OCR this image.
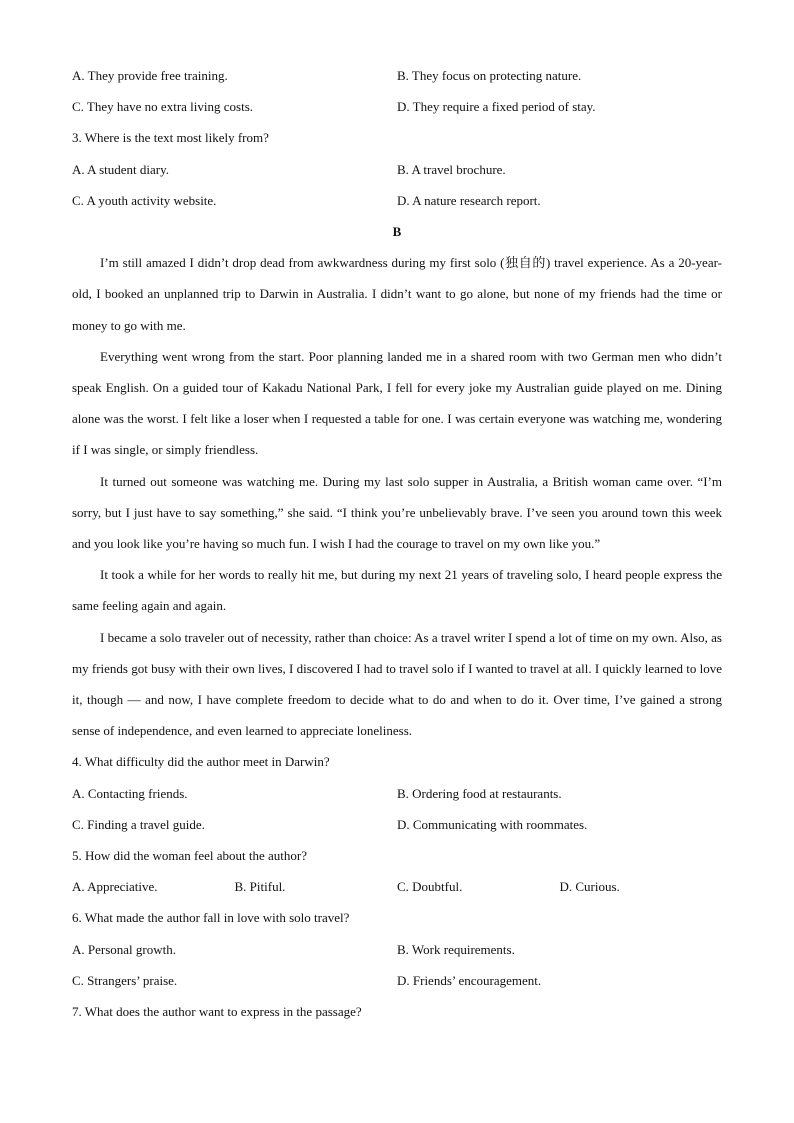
A. They provide free training.	B. They focus on protecting nature.
C. They have no extra living costs.	D. They require a fixed period of stay.
3. Where is the text most likely from?
A. A student diary.	B. A travel brochure.
C. A youth activity website.	D. A nature research report.
B

I’m still amazed I didn’t drop dead from awkwardness during my first solo (独自的) travel experience. As a 20-year-old, I booked an unplanned trip to Darwin in Australia. I didn’t want to go alone, but none of my friends had the time or money to go with me.

Everything went wrong from the start. Poor planning landed me in a shared room with two German men who didn’t speak English. On a guided tour of Kakadu National Park, I fell for every joke my Australian guide played on me. Dining alone was the worst. I felt like a loser when I requested a table for one. I was certain everyone was watching me, wondering if I was single, or simply friendless.

It turned out someone was watching me. During my last solo supper in Australia, a British woman came over. “I’m sorry, but I just have to say something,” she said. “I think you’re unbelievably brave. I’ve seen you around town this week and you look like you’re having so much fun. I wish I had the courage to travel on my own like you.”

It took a while for her words to really hit me, but during my next 21 years of traveling solo, I heard people express the same feeling again and again.

I became a solo traveler out of necessity, rather than choice: As a travel writer I spend a lot of time on my own. Also, as my friends got busy with their own lives, I discovered I had to travel solo if I wanted to travel at all. I quickly learned to love it, though — and now, I have complete freedom to decide what to do and when to do it. Over time, I’ve gained a strong sense of independence, and even learned to appreciate loneliness.

4. What difficulty did the author meet in Darwin?
A. Contacting friends.	B. Ordering food at restaurants.
C. Finding a travel guide.	D. Communicating with roommates.
5. How did the woman feel about the author?
A. Appreciative.	B. Pitiful.	C. Doubtful.	D. Curious.
6. What made the author fall in love with solo travel?
A. Personal growth.	B. Work requirements.
C. Strangers’ praise.	D. Friends’ encouragement.
7. What does the author want to express in the passage?
